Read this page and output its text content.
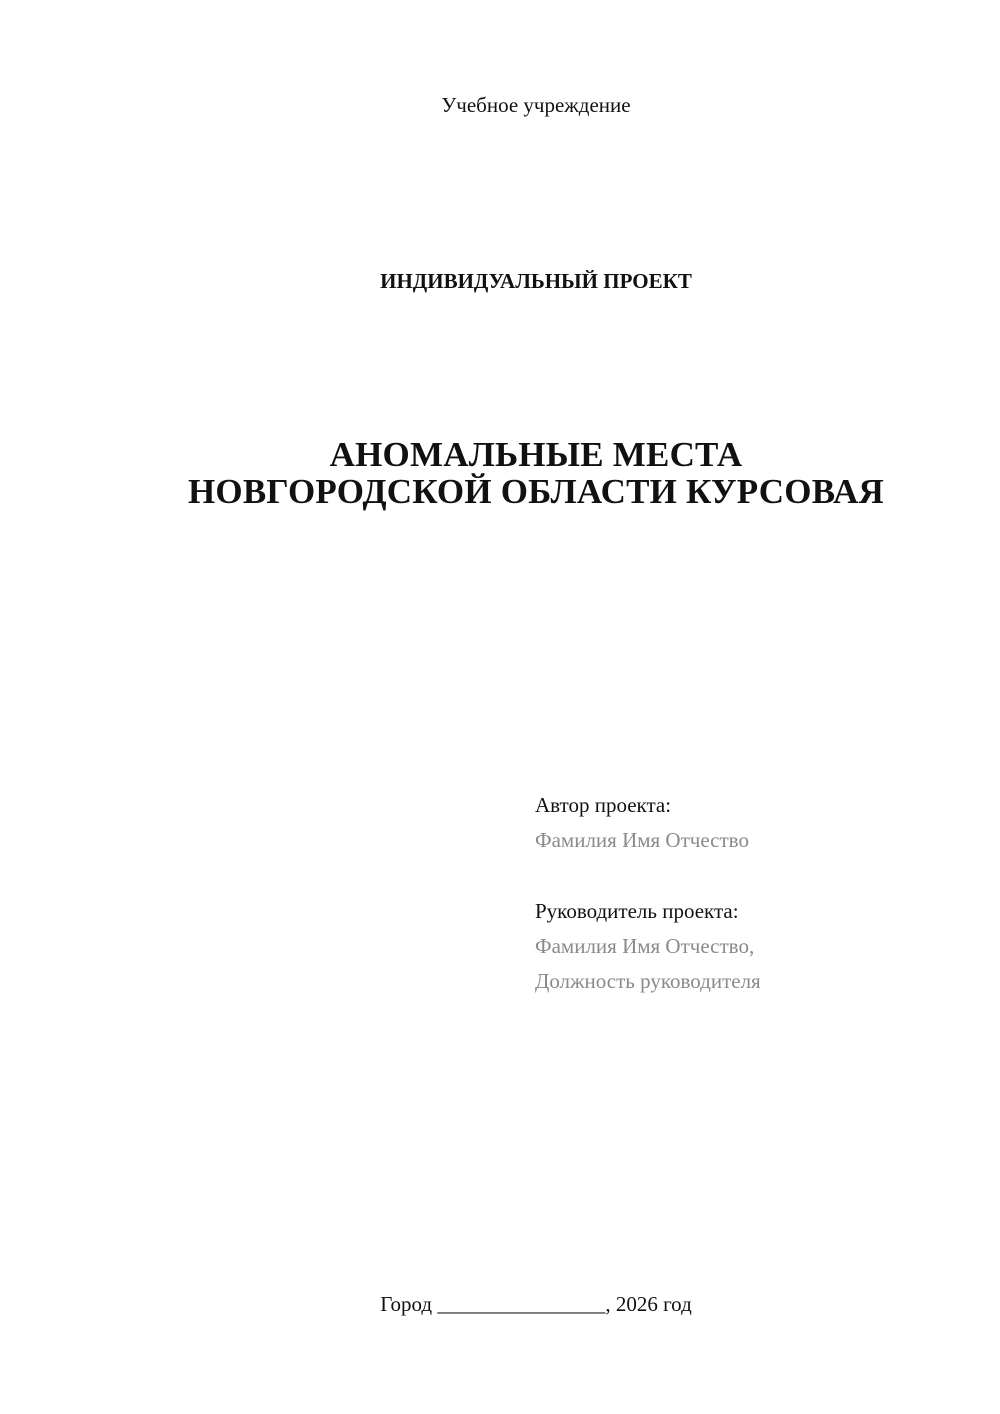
Учебное учреждение
ИНДИВИДУАЛЬНЫЙ ПРОЕКТ
АНОМАЛЬНЫЕ МЕСТА
НОВГОРОДСКОЙ ОБЛАСТИ КУРСОВАЯ
Автор проекта:
Фамилия Имя Отчество
Руководитель проекта:
Фамилия Имя Отчество,
Должность руководителя
Город ________________, 2026 год
